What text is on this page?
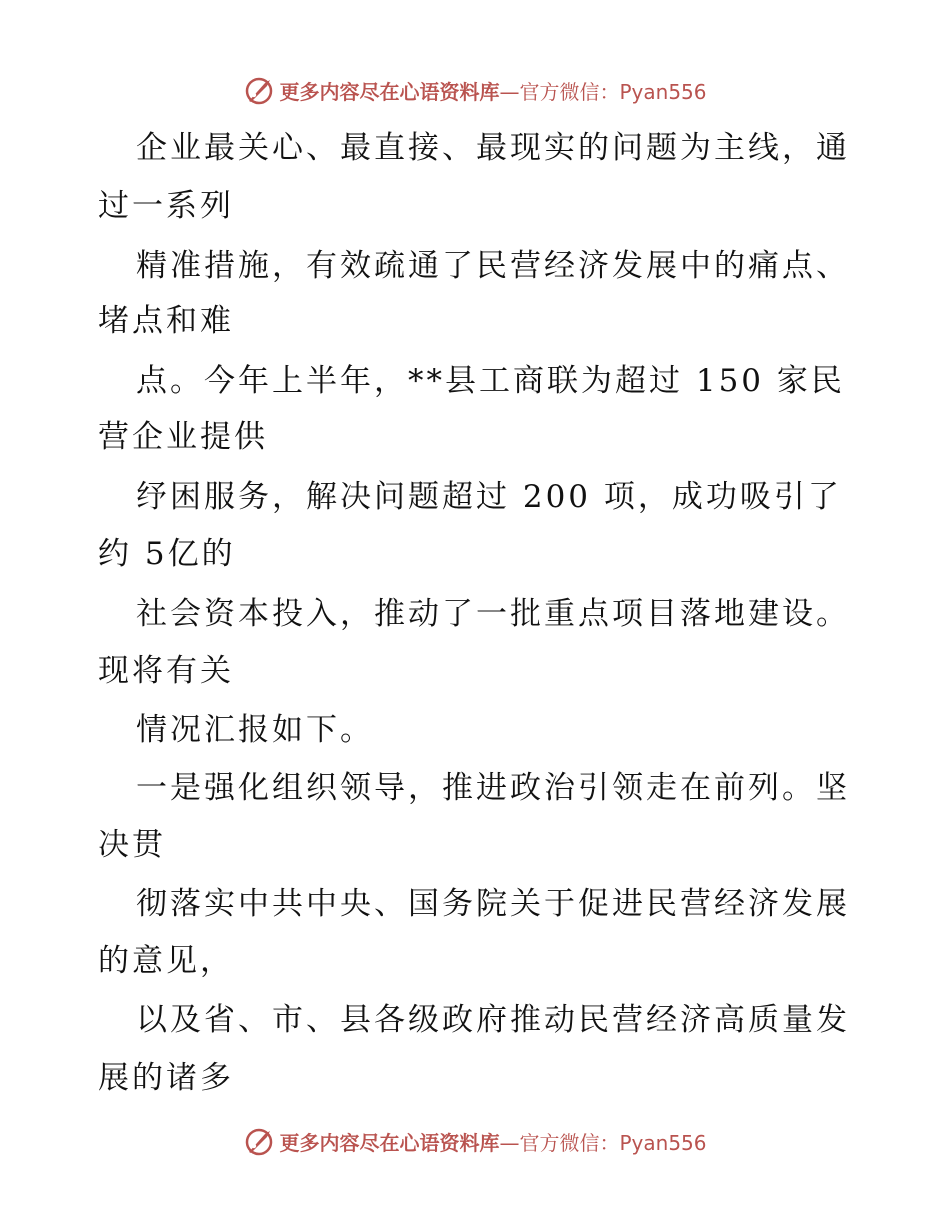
更多内容尽在心语资料库—官方微信：Pyan556
企业最关心、最直接、最现实的问题为主线，通
过一系列
精准措施，有效疏通了民营经济发展中的痛点、
堵点和难
点。今年上半年，**县工商联为超过 150 家民
营企业提供
纾困服务，解决问题超过 200 项，成功吸引了
约 5亿的
社会资本投入，推动了一批重点项目落地建设。
现将有关
情况汇报如下。
一是强化组织领导，推进政治引领走在前列。坚
决贯
彻落实中共中央、国务院关于促进民营经济发展
的意见，
以及省、市、县各级政府推动民营经济高质量发
展的诸多
更多内容尽在心语资料库—官方微信：Pyan556
